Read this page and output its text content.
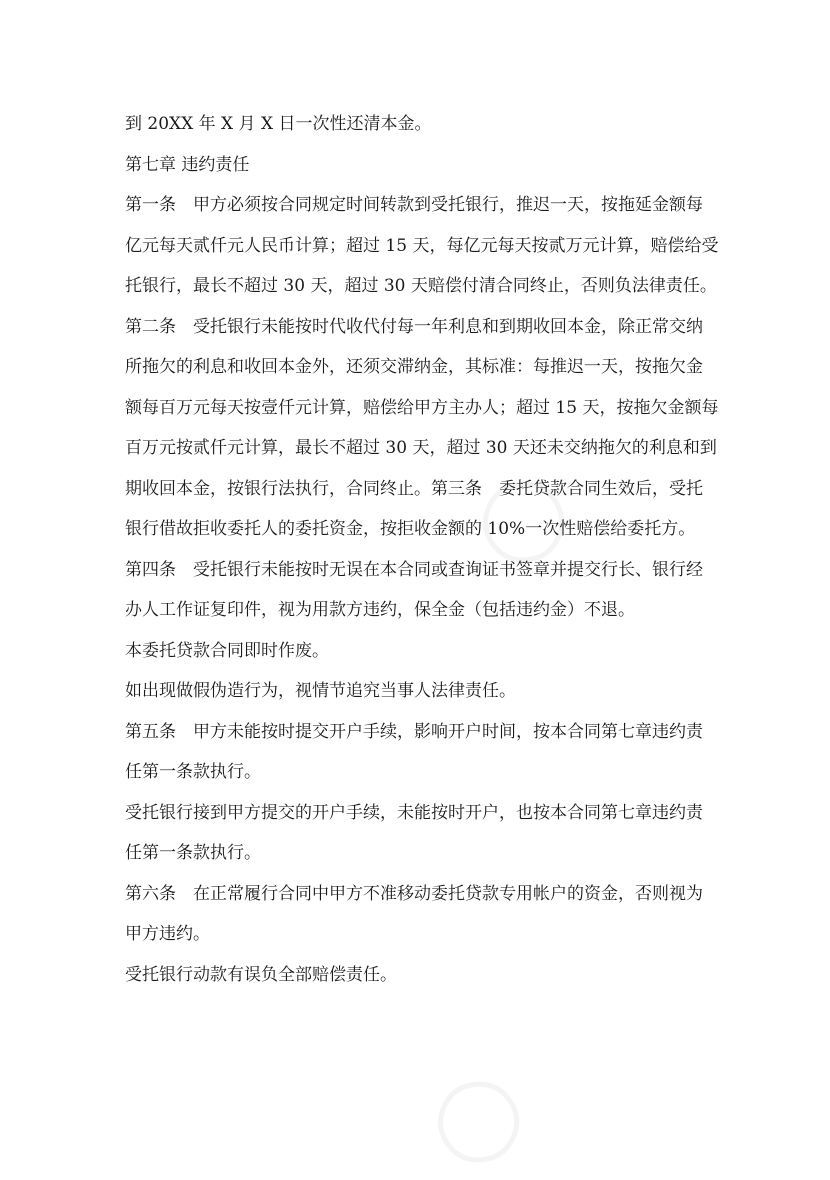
◯
◯

到 20XX 年 X 月 X 日一次性还清本金。

第七章 违约责任

第一条　甲方必须按合同规定时间转款到受托银行，推迟一天，按拖延金额每
亿元每天贰仟元人民币计算；超过 15 天，每亿元每天按贰万元计算，赔偿给受
托银行，最长不超过 30 天，超过 30 天赔偿付清合同终止，否则负法律责任。

第二条　受托银行未能按时代收代付每一年利息和到期收回本金，除正常交纳
所拖欠的利息和收回本金外，还须交滞纳金，其标准：每推迟一天，按拖欠金
额每百万元每天按壹仟元计算，赔偿给甲方主办人；超过 15 天，按拖欠金额每
百万元按贰仟元计算，最长不超过 30 天，超过 30 天还未交纳拖欠的利息和到
期收回本金，按银行法执行，合同终止。第三条　委托贷款合同生效后，受托
银行借故拒收委托人的委托资金，按拒收金额的 10%一次性赔偿给委托方。

第四条　受托银行未能按时无误在本合同或查询证书签章并提交行长、银行经
办人工作证复印件，视为用款方违约，保全金（包括违约金）不退。

本委托贷款合同即时作废。

如出现做假伪造行为，视情节追究当事人法律责任。

第五条　甲方未能按时提交开户手续，影响开户时间，按本合同第七章违约责
任第一条款执行。

受托银行接到甲方提交的开户手续，未能按时开户，也按本合同第七章违约责
任第一条款执行。

第六条　在正常履行合同中甲方不准移动委托贷款专用帐户的资金，否则视为
甲方违约。

受托银行动款有误负全部赔偿责任。
